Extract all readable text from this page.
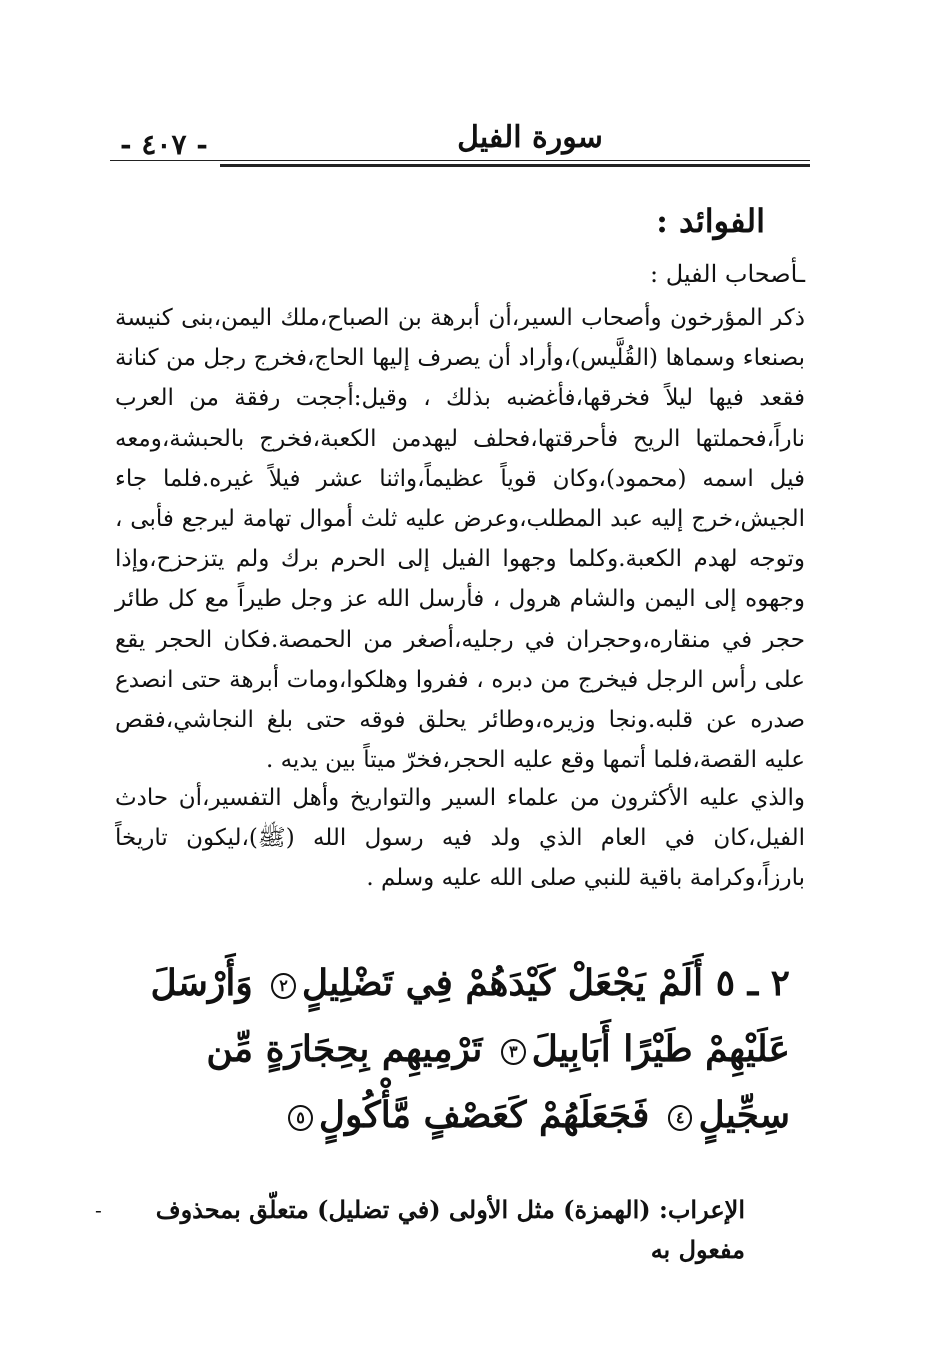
- ٤٠٧ -	سورة الفيل
الفوائد :
ـأصحاب الفيل :

ذكر المؤرخون وأصحاب السير،أن أبرهة بن الصباح،ملك اليمن،بنى كنيسة بصنعاء وسماها (القُلَّيس)،وأراد أن يصرف إليها الحاج،فخرج رجل من كنانة فقعد فيها ليلاً فخرقها،فأغضبه بذلك ، وقيل:أججت رفقة من العرب ناراً،فحملتها الريح فأحرقتها،فحلف ليهدمن الكعبة،فخرج بالحبشة،ومعه فيل اسمه (محمود)،وكان قوياً عظيماً،واثنا عشر فيلاً غيره.فلما جاء الجيش،خرج إليه عبد المطلب،وعرض عليه ثلث أموال تهامة ليرجع فأبى ، وتوجه لهدم الكعبة.وكلما وجهوا الفيل إلى الحرم برك ولم يتزحزح،وإذا وجهوه إلى اليمن والشام هرول ، فأرسل الله عز وجل طيراً مع كل طائر حجر في منقاره،وحجران في رجليه،أصغر من الحمصة.فكان الحجر يقع على رأس الرجل فيخرج من دبره ، ففروا وهلكوا،ومات أبرهة حتى انصدع صدره عن قلبه.ونجا وزيره،وطائر يحلق فوقه حتى بلغ النجاشي،فقص عليه القصة،فلما أتمها وقع عليه الحجر،فخرّ ميتاً بين يديه .

والذي عليه الأكثرون من علماء السير والتواريخ وأهل التفسير،أن حادث الفيل،كان في العام الذي ولد فيه رسول الله (ﷺ)،ليكون تاريخاً بارزاً،وكرامة باقية للنبي صلى الله عليه وسلم .

٢ ـ ٥ أَلَمْ يَجْعَلْ كَيْدَهُمْ فِي تَضْلِيلٍ٢ وَأَرْسَلَ عَلَيْهِمْ طَيْرًا أَبَابِيلَ٣ تَرْمِيهِم بِحِجَارَةٍ مِّن سِجِّيلٍ٤ فَجَعَلَهُمْ كَعَصْفٍ مَّأْكُولٍ٥
الإعراب: (الهمزة) مثل الأولى (في تضليل) متعلّق بمحذوف مفعول به
-
